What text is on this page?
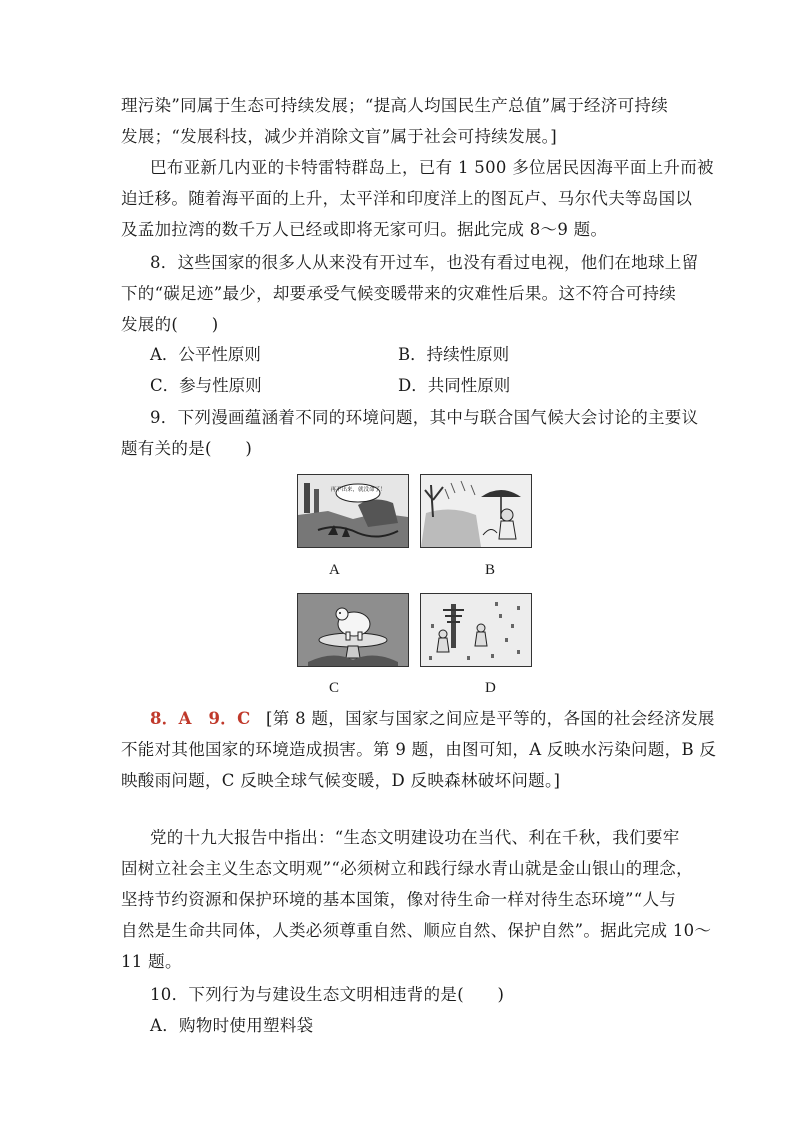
理污染”同属于生态可持续发展；“提高人均国民生产总值”属于经济可持续
发展；“发展科技，减少并消除文盲”属于社会可持续发展。]
巴布亚新几内亚的卡特雷特群岛上，已有 1 500 多位居民因海平面上升而被
迫迁移。随着海平面的上升，太平洋和印度洋上的图瓦卢、马尔代夫等岛国以
及孟加拉湾的数千万人已经或即将无家可归。据此完成 8～9 题。
8．这些国家的很多人从来没有开过车，也没有看过电视，他们在地球上留
下的“碳足迹”最少，却要承受气候变暖带来的灾难性后果。这不符合可持续
发展的(　　)
A．公平性原则	B．持续性原则
C．参与性原则	D．共同性原则
9．下列漫画蕴涵着不同的环境问题，其中与联合国气候大会讨论的主要议
题有关的是(　　)
再不出来，就没命了！
A	B
C	D
8．A　9．C [第 8 题，国家与国家之间应是平等的，各国的社会经济发展
不能对其他国家的环境造成损害。第 9 题，由图可知，A 反映水污染问题，B 反
映酸雨问题，C 反映全球气候变暖，D 反映森林破坏问题。]
党的十九大报告中指出：“生态文明建设功在当代、利在千秋，我们要牢
固树立社会主义生态文明观”“必须树立和践行绿水青山就是金山银山的理念，
坚持节约资源和保护环境的基本国策，像对待生命一样对待生态环境”“人与
自然是生命共同体，人类必须尊重自然、顺应自然、保护自然”。据此完成 10～
11 题。
10．下列行为与建设生态文明相违背的是(　　)
A．购物时使用塑料袋
